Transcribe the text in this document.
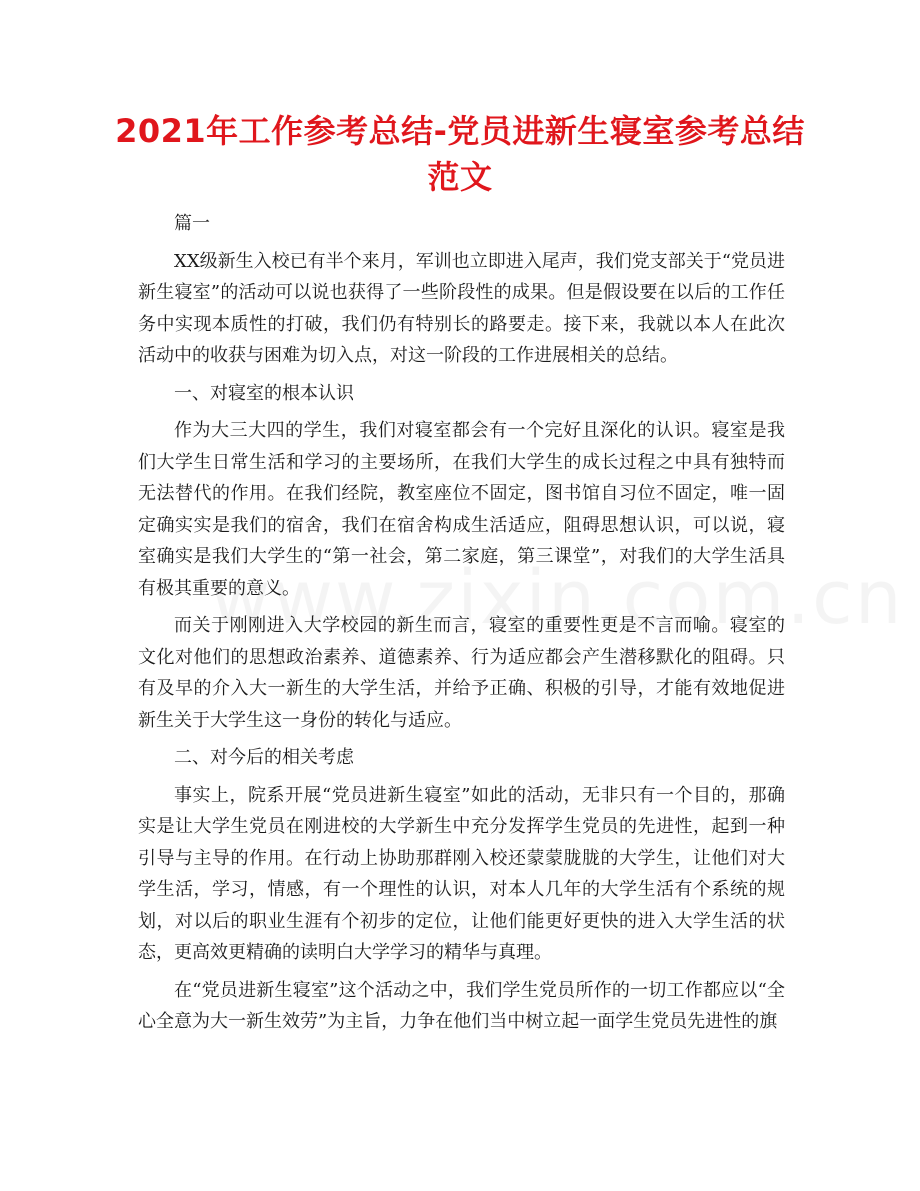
2021年工作参考总结-党员进新生寝室参考总结范文

篇一

XX级新生入校已有半个来月，军训也立即进入尾声，我们党支部关于“党员进新生寝室”的活动可以说也获得了一些阶段性的成果。但是假设要在以后的工作任务中实现本质性的打破，我们仍有特别长的路要走。接下来，我就以本人在此次活动中的收获与困难为切入点，对这一阶段的工作进展相关的总结。

一、对寝室的根本认识

作为大三大四的学生，我们对寝室都会有一个完好且深化的认识。寝室是我们大学生日常生活和学习的主要场所，在我们大学生的成长过程之中具有独特而无法替代的作用。在我们经院，教室座位不固定，图书馆自习位不固定，唯一固定确实实是我们的宿舍，我们在宿舍构成生活适应，阻碍思想认识，可以说，寝室确实是我们大学生的“第一社会，第二家庭，第三课堂”，对我们的大学生活具有极其重要的意义。

而关于刚刚进入大学校园的新生而言，寝室的重要性更是不言而喻。寝室的文化对他们的思想政治素养、道德素养、行为适应都会产生潜移默化的阻碍。只有及早的介入大一新生的大学生活，并给予正确、积极的引导，才能有效地促进新生关于大学生这一身份的转化与适应。

二、对今后的相关考虑

事实上，院系开展“党员进新生寝室”如此的活动，无非只有一个目的，那确实是让大学生党员在刚进校的大学新生中充分发挥学生党员的先进性，起到一种引导与主导的作用。在行动上协助那群刚入校还蒙蒙胧胧的大学生，让他们对大学生活，学习，情感，有一个理性的认识，对本人几年的大学生活有个系统的规划，对以后的职业生涯有个初步的定位，让他们能更好更快的进入大学生活的状态，更高效更精确的读明白大学学习的精华与真理。

在“党员进新生寝室”这个活动之中，我们学生党员所作的一切工作都应以“全心全意为大一新生效劳”为主旨，力争在他们当中树立起一面学生党员先进性的旗
